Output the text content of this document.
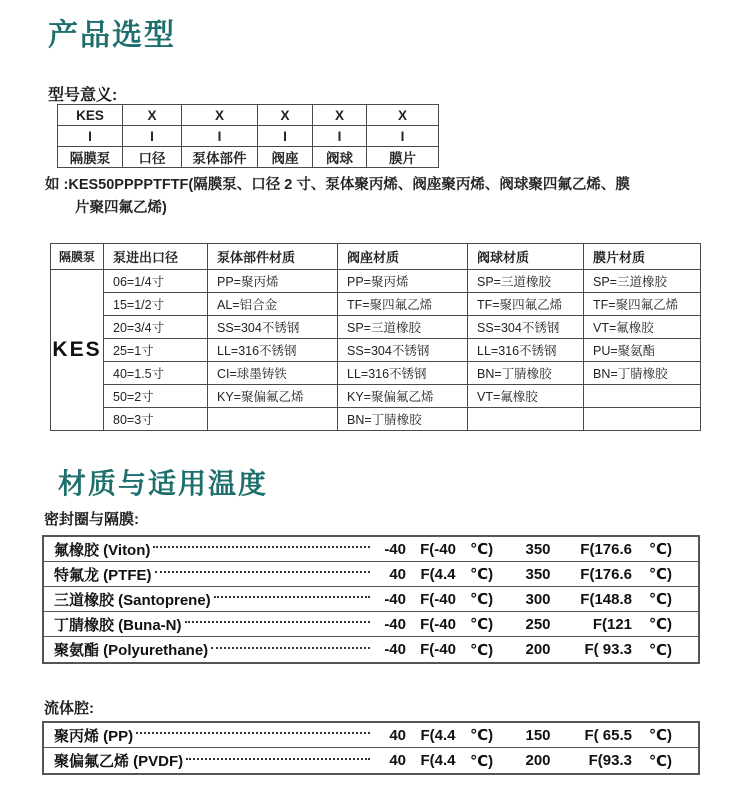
产品选型
型号意义:
KES	X	X	X	X	X
I	I	I	I	I	I
隔膜泵	口径	泵体部件	阀座	阀球	膜片
如 :KES50PPPPTFTF(隔膜泵、口径 2 寸、泵体聚丙烯、阀座聚丙烯、阀球聚四氟乙烯、膜
片聚四氟乙烯)
隔膜泵	泵进出口径	泵体部件材质	阀座材质	阀球材质	膜片材质
KES	06=1/4寸	PP=聚丙烯	PP=聚丙烯	SP=三道橡胶	SP=三道橡胶
	15=1/2寸	AL=铝合金	TF=聚四氟乙烯	TF=聚四氟乙烯	TF=聚四氟乙烯
	20=3/4寸	SS=304不锈钢	SP=三道橡胶	SS=304不锈钢	VT=氟橡胶
	25=1寸	LL=316不锈钢	SS=304不锈钢	LL=316不锈钢	PU=聚氨酯
	40=1.5寸	CI=球墨铸铁	LL=316不锈钢	BN=丁腈橡胶	BN=丁腈橡胶
	50=2寸	KY=聚偏氟乙烯	KY=聚偏氟乙烯	VT=氟橡胶	
	80=3寸		BN=丁腈橡胶		
材质与适用温度
密封圈与隔膜:
氟橡胶 (Viton)	-40 F(-40 ℃)	350	F(176.6	℃)
特氟龙 (PTFE)	40 F(4.4 ℃)	350	F(176.6	℃)
三道橡胶 (Santoprene)	-40 F(-40 ℃)	300	F(148.8	℃)
丁腈橡胶 (Buna-N)	-40 F(-40 ℃)	250	F(121	℃)
聚氨酯 (Polyurethane)	-40 F(-40 ℃)	200	F( 93.3	℃)
流体腔:
聚丙烯 (PP)	40 F(4.4 ℃)	150	F( 65.5	℃)
聚偏氟乙烯 (PVDF)	40 F(4.4 ℃)	200	F(93.3	℃)
